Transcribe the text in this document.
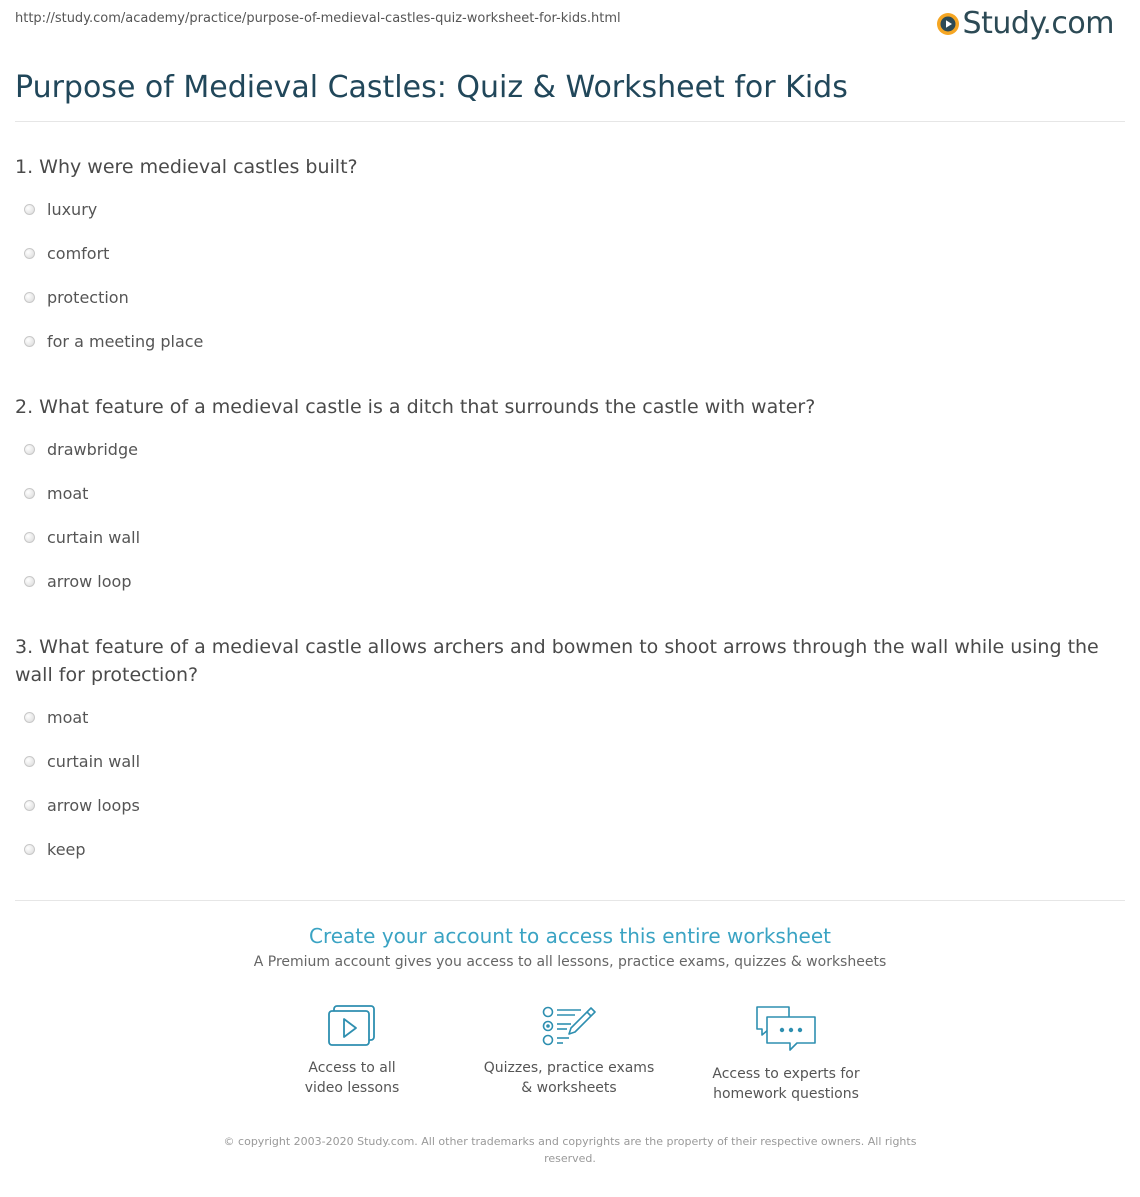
http://study.com/academy/practice/purpose-of-medieval-castles-quiz-worksheet-for-kids.html	Study.com
Purpose of Medieval Castles: Quiz & Worksheet for Kids

1. Why were medieval castles built?

luxury
comfort
protection
for a meeting place

2. What feature of a medieval castle is a ditch that surrounds the castle with water?

drawbridge
moat
curtain wall
arrow loop

3. What feature of a medieval castle allows archers and bowmen to shoot arrows through the wall while using the wall for protection?

moat
curtain wall
arrow loops
keep
Create your account to access this entire worksheet
A Premium account gives you access to all lessons, practice exams, quizzes & worksheets
Access to all
video lessons
Quizzes, practice exams
& worksheets
Access to experts for
homework questions
© copyright 2003-2020 Study.com. All other trademarks and copyrights are the property of their respective owners. All rights
reserved.
